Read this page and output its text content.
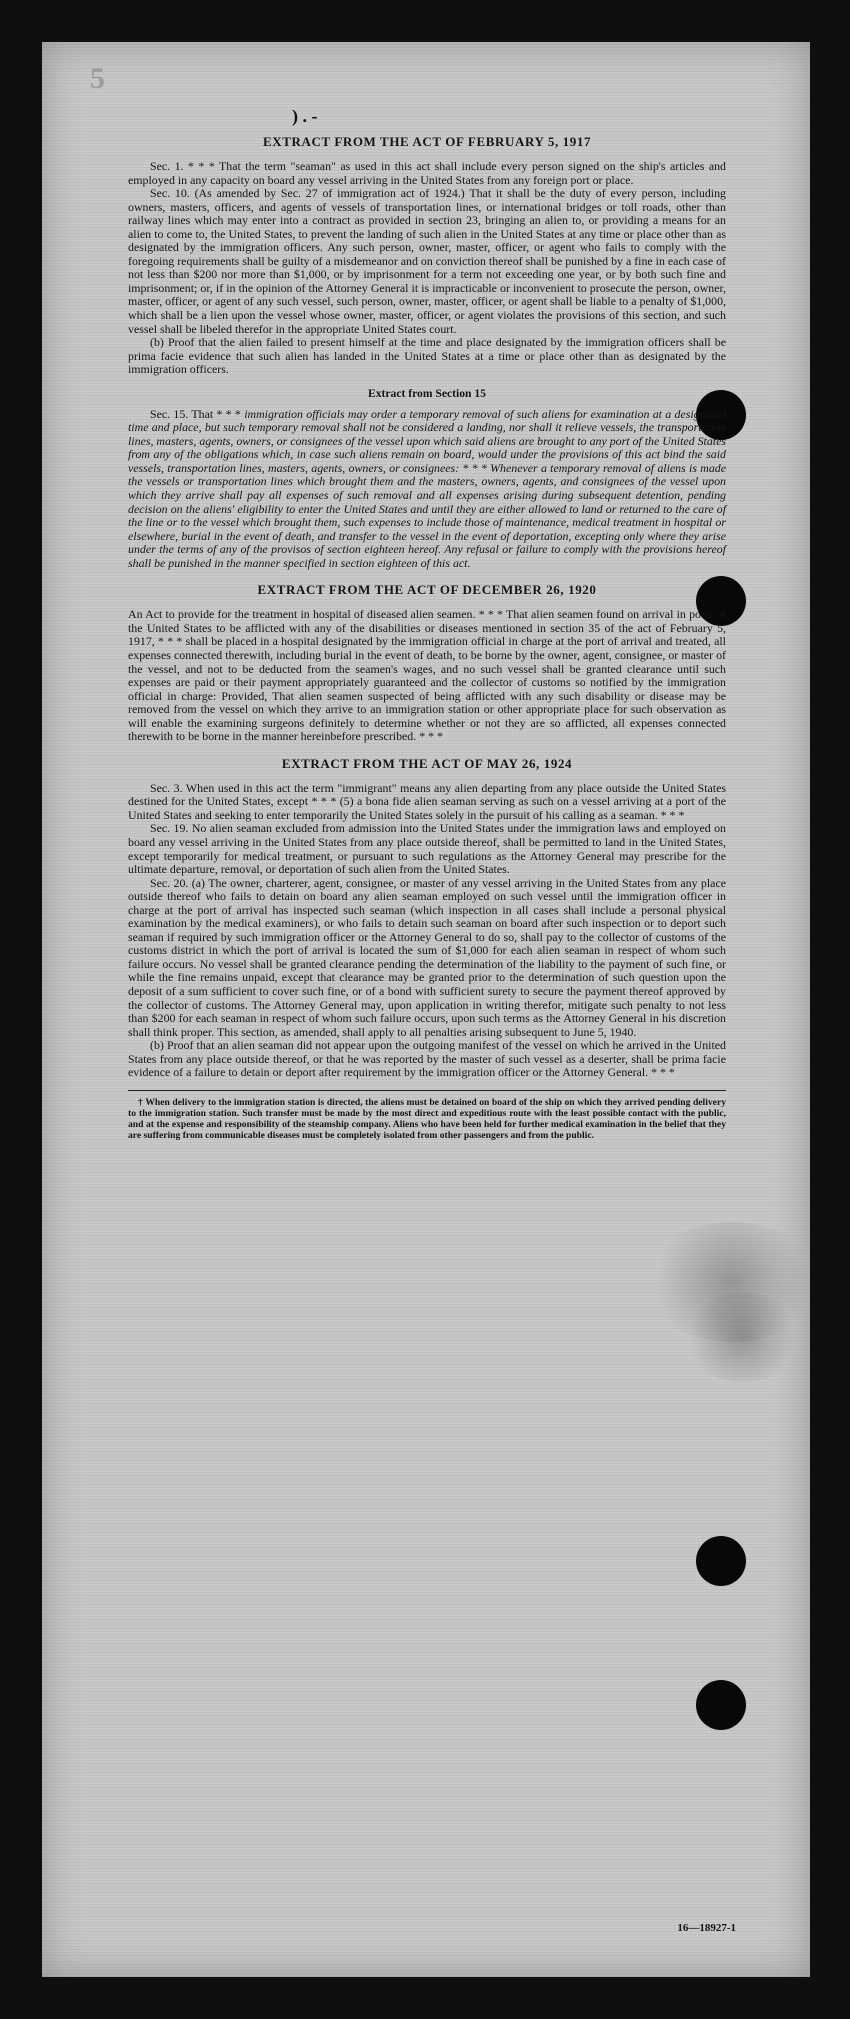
5
) . -
EXTRACT FROM THE ACT OF FEBRUARY 5, 1917

Sec. 1. * * * That the term "seaman" as used in this act shall include every person signed on the ship's articles and employed in any capacity on board any vessel arriving in the United States from any foreign port or place.

Sec. 10. (As amended by Sec. 27 of immigration act of 1924.) That it shall be the duty of every person, including owners, masters, officers, and agents of vessels of transportation lines, or international bridges or toll roads, other than railway lines which may enter into a contract as provided in section 23, bringing an alien to, or providing a means for an alien to come to, the United States, to prevent the landing of such alien in the United States at any time or place other than as designated by the immigration officers. Any such person, owner, master, officer, or agent who fails to comply with the foregoing requirements shall be guilty of a misdemeanor and on conviction thereof shall be punished by a fine in each case of not less than $200 nor more than $1,000, or by imprisonment for a term not exceeding one year, or by both such fine and imprisonment; or, if in the opinion of the Attorney General it is impracticable or inconvenient to prosecute the person, owner, master, officer, or agent of any such vessel, such person, owner, master, officer, or agent shall be liable to a penalty of $1,000, which shall be a lien upon the vessel whose owner, master, officer, or agent violates the provisions of this section, and such vessel shall be libeled therefor in the appropriate United States court.

(b) Proof that the alien failed to present himself at the time and place designated by the immigration officers shall be prima facie evidence that such alien has landed in the United States at a time or place other than as designated by the immigration officers.

Extract from Section 15

Sec. 15. That * * * immigration officials may order a temporary removal of such aliens for examination at a designated time and place, but such temporary removal shall not be considered a landing, nor shall it relieve vessels, the transportation lines, masters, agents, owners, or consignees of the vessel upon which said aliens are brought to any port of the United States from any of the obligations which, in case such aliens remain on board, would under the provisions of this act bind the said vessels, transportation lines, masters, agents, owners, or consignees: * * * Whenever a temporary removal of aliens is made the vessels or transportation lines which brought them and the masters, owners, agents, and consignees of the vessel upon which they arrive shall pay all expenses of such removal and all expenses arising during subsequent detention, pending decision on the aliens' eligibility to enter the United States and until they are either allowed to land or returned to the care of the line or to the vessel which brought them, such expenses to include those of maintenance, medical treatment in hospital or elsewhere, burial in the event of death, and transfer to the vessel in the event of deportation, excepting only where they arise under the terms of any of the provisos of section eighteen hereof. Any refusal or failure to comply with the provisions hereof shall be punished in the manner specified in section eighteen of this act.

EXTRACT FROM THE ACT OF DECEMBER 26, 1920

An Act to provide for the treatment in hospital of diseased alien seamen. * * * That alien seamen found on arrival in ports of the United States to be afflicted with any of the disabilities or diseases mentioned in section 35 of the act of February 5, 1917, * * * shall be placed in a hospital designated by the immigration official in charge at the port of arrival and treated, all expenses connected therewith, including burial in the event of death, to be borne by the owner, agent, consignee, or master of the vessel, and not to be deducted from the seamen's wages, and no such vessel shall be granted clearance until such expenses are paid or their payment appropriately guaranteed and the collector of customs so notified by the immigration official in charge: Provided, That alien seamen suspected of being afflicted with any such disability or disease may be removed from the vessel on which they arrive to an immigration station or other appropriate place for such observation as will enable the examining surgeons definitely to determine whether or not they are so afflicted, all expenses connected therewith to be borne in the manner hereinbefore prescribed. * * *

EXTRACT FROM THE ACT OF MAY 26, 1924

Sec. 3. When used in this act the term "immigrant" means any alien departing from any place outside the United States destined for the United States, except * * * (5) a bona fide alien seaman serving as such on a vessel arriving at a port of the United States and seeking to enter temporarily the United States solely in the pursuit of his calling as a seaman. * * *

Sec. 19. No alien seaman excluded from admission into the United States under the immigration laws and employed on board any vessel arriving in the United States from any place outside thereof, shall be permitted to land in the United States, except temporarily for medical treatment, or pursuant to such regulations as the Attorney General may prescribe for the ultimate departure, removal, or deportation of such alien from the United States.

Sec. 20. (a) The owner, charterer, agent, consignee, or master of any vessel arriving in the United States from any place outside thereof who fails to detain on board any alien seaman employed on such vessel until the immigration officer in charge at the port of arrival has inspected such seaman (which inspection in all cases shall include a personal physical examination by the medical examiners), or who fails to detain such seaman on board after such inspection or to deport such seaman if required by such immigration officer or the Attorney General to do so, shall pay to the collector of customs of the customs district in which the port of arrival is located the sum of $1,000 for each alien seaman in respect of whom such failure occurs. No vessel shall be granted clearance pending the determination of the liability to the payment of such fine, or while the fine remains unpaid, except that clearance may be granted prior to the determination of such question upon the deposit of a sum sufficient to cover such fine, or of a bond with sufficient surety to secure the payment thereof approved by the collector of customs. The Attorney General may, upon application in writing therefor, mitigate such penalty to not less than $200 for each seaman in respect of whom such failure occurs, upon such terms as the Attorney General in his discretion shall think proper. This section, as amended, shall apply to all penalties arising subsequent to June 5, 1940.

(b) Proof that an alien seaman did not appear upon the outgoing manifest of the vessel on which he arrived in the United States from any place outside thereof, or that he was reported by the master of such vessel as a deserter, shall be prima facie evidence of a failure to detain or deport after requirement by the immigration officer or the Attorney General. * * *

† When delivery to the immigration station is directed, the aliens must be detained on board of the ship on which they arrived pending delivery to the immigration station. Such transfer must be made by the most direct and expeditious route with the least possible contact with the public, and at the expense and responsibility of the steamship company. Aliens who have been held for further medical examination in the belief that they are suffering from communicable diseases must be completely isolated from other passengers and from the public.

16—18927-1
